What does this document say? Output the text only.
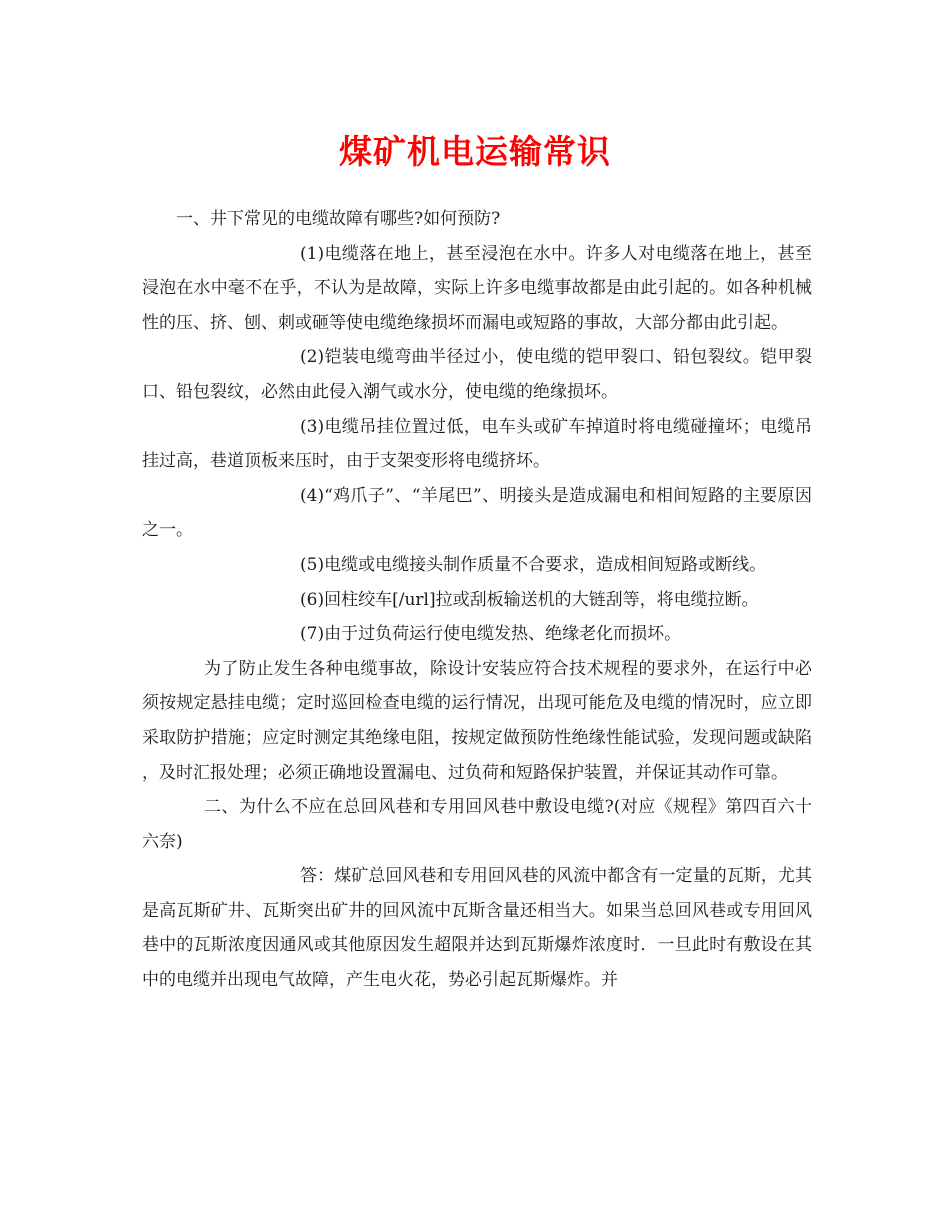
煤矿机电运输常识

一、井下常见的电缆故障有哪些?如何预防?

(1)电缆落在地上，甚至浸泡在水中。许多人对电缆落在地上，甚至浸泡在水中毫不在乎，不认为是故障，实际上许多电缆事故都是由此引起的。如各种机械性的压、挤、刨、刺或砸等使电缆绝缘损坏而漏电或短路的事故，大部分都由此引起。

(2)铠装电缆弯曲半径过小，使电缆的铠甲裂口、铅包裂纹。铠甲裂口、铅包裂纹，必然由此侵入潮气或水分，使电缆的绝缘损坏。

(3)电缆吊挂位置过低，电车头或矿车掉道时将电缆碰撞坏；电缆吊挂过高，巷道顶板来压时，由于支架变形将电缆挤坏。

(4)“鸡爪子”、“羊尾巴”、明接头是造成漏电和相间短路的主要原因之一。

(5)电缆或电缆接头制作质量不合要求，造成相间短路或断线。

(6)回柱绞车[/url]拉或刮板输送机的大链刮等，将电缆拉断。

(7)由于过负荷运行使电缆发热、绝缘老化而损坏。

为了防止发生各种电缆事故，除设计安装应符合技术规程的要求外，在运行中必须按规定悬挂电缆；定时巡回检查电缆的运行情况，出现可能危及电缆的情况时，应立即采取防护措施；应定时测定其绝缘电阻，按规定做预防性绝缘性能试验，发现问题或缺陷，及时汇报处理；必须正确地设置漏电、过负荷和短路保护装置，并保证其动作可靠。

二、为什么不应在总回风巷和专用回风巷中敷设电缆?(对应《规程》第四百六十六奈)

答：煤矿总回风巷和专用回风巷的风流中都含有一定量的瓦斯，尤其是高瓦斯矿井、瓦斯突出矿井的回风流中瓦斯含量还相当大。如果当总回风巷或专用回风巷中的瓦斯浓度因通风或其他原因发生超限并达到瓦斯爆炸浓度时．一旦此时有敷设在其中的电缆并出现电气故障，产生电火花，势必引起瓦斯爆炸。并
